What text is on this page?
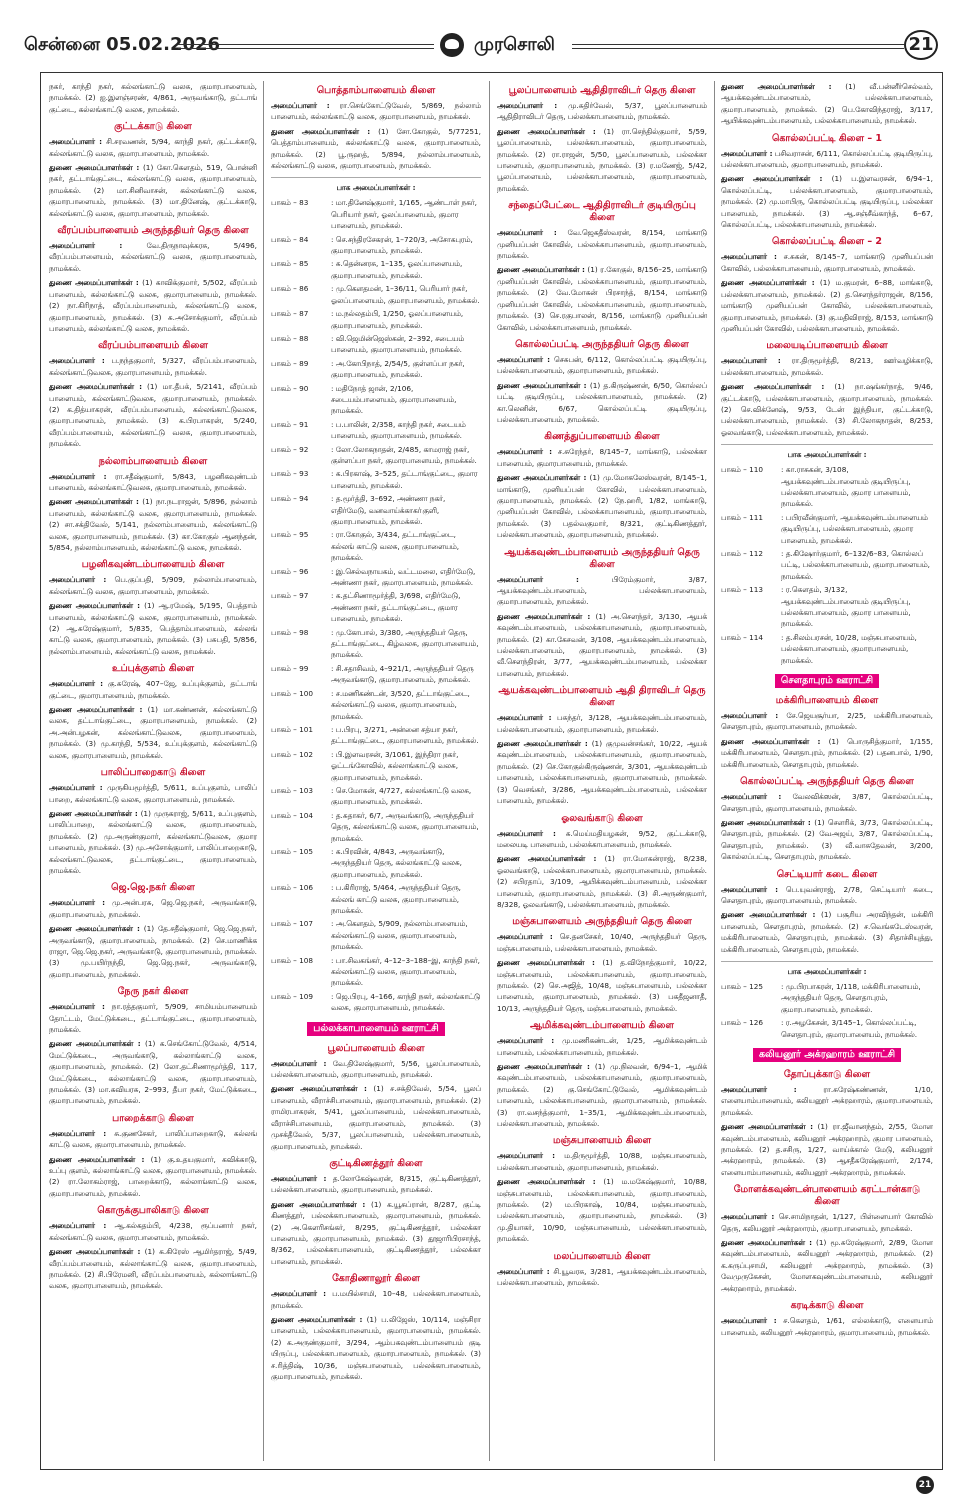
சென்னை 05.02.2026	முரசொலி	21
நகர், காந்தி நகர், கல்லங்காட்டு வலசு, குமாரபாளையம், நாமக்கல். (2) ஐ.இளஞ்சரண், 4/861, அருவங்காடு, தட்டாங் குட்டை, கல்லங்காட்டு வலசு, நாமக்கல்.
குட்டக்காடு கிளை
அமைப்பாளர் : சி.சரவணன், 5/94, காந்தி நகர், குட்டக்காடு, கல்லங்காட்டு வலசு, குமாரபாளையம், நாமக்கல்.
துணை அமைப்பாளர்கள் : (1) கோ.கௌதம், 519, பொன்னி நகர், தட்டாங்குட்டை, கல்லங்காட்டு வலசு, குமாரபாளையம், நாமக்கல். (2) மா.சினிவாசன், கல்லங்காட்டு வலசு, குமாரபாளையம், நாமக்கல். (3) மா.தினேஷ், குட்டக்காடு, கல்லங்காட்டு வலசு, குமாரபாளையம், நாமக்கல்.
வீரப்பம்பாளையம் அருந்ததியர் தெரு கிளை
அமைப்பாளர் : வே.திருநாவுக்கரசு, 5/496, வீரப்பம்பாளையம், கல்லங்காட்டு வலசு, குமாரபாளையம், நாமக்கல்.
துணை அமைப்பாளர்கள் : (1) காவிக்குமார், 5/502, வீரப்பம் பாளையம், கல்லங்காட்டு வலசு, குமாரபாளையம், நாமக்கல். (2) நா.கிரிநாத், வீரப்பம்பாளையம், கல்லங்காட்டு வலசு, குமாரபாளையம், நாமக்கல். (3) சு.அசோக்குமார், வீரப்பம் பாளையம், கல்லங்காட்டு வலசு, நாமக்கல்.
வீரப்பம்பாளையம் கிளை
அமைப்பாளர் : ப.நந்தகுமார், 5/327, வீரப்பம்பாளையம், கல்லங்காட்டுவலசு, குமாரபாளையம், நாமக்கல்.
துணை அமைப்பாளர்கள் : (1) மா.தீபக், 5/2141, வீரப்பம் பாளையம், கல்லங்காட்டுவலசு, குமாரபாளையம், நாமக்கல். (2) க.தித்யாகரன், வீரப்பம்பாளையம், கல்லங்காட்டுவலசு, குமாரபாளையம், நாமக்கல். (3) க.பிரபாகரன், 5/240, வீரப்பம்பாளையம், கல்லங்காட்டு வலசு, குமாரபாளையம், நாமக்கல்.
நல்லாம்பாளையம் கிளை
அமைப்பாளர் : ரா.சதீஷ்குமார், 5/843, பழனிகவுண்டம் பாளையம், கல்லங்காட்டுவலசு, குமாரபாளையம், நாமக்கல்.
துணை அமைப்பாளர்கள் : (1) நா.நடராஜன், 5/896, நல்லாம் பாளையம், கல்லங்காட்டு வலசு, குமாரபாளையம், நாமக்கல். (2) சா.சக்திவேல், 5/141, நல்லாம்பாளையம், கல்லங்காட்டு வலசு, குமாரபாளையம், நாமக்கல். (3) கா.கோகுல் ஆனந்தன், 5/854, நல்லாம்பாளையம், கல்லங்காட்டு வலசு, நாமக்கல்.
பழனிகவுண்டம்பாளையம் கிளை
அமைப்பாளர் : பெ.குப்பதி, 5/909, நல்லாம்பாளையம், கல்லங்காட்டு வலசு, குமாரபாளையம், நாமக்கல்.
துணை அமைப்பாளர்கள் : (1) ஆ.ரமேஷ், 5/195, பெத்தாம் பாளையம், கல்லங்காட்டு வலசு, குமாரபாளையம், நாமக்கல். (2) ஆ.சுரேஷ்குமார், 5/835, பெத்தாம்பாளையம், கல்லங் காட்டு வலசு, குமாரபாளையம், நாமக்கல். (3) பசுபதி, 5/856, நல்லாம்பாளையம், கல்லங்காட்டு வலசு, நாமக்கல்.
உப்புக்குளம் கிளை
அமைப்பாளர் : கு.சுரேஷ், 407–ஜே, உப்புக்குளம், தட்டாங் குட்டை, குமாரபாளையம், நாமக்கல்.
துணை அமைப்பாளர்கள் : (1) மா.கண்ணன், கல்லங்காட்டு வலசு, தட்டாங்குட்டை, குமாரபாளையம், நாமக்கல். (2) அ.அன்பழகன், கல்லங்காட்டுவலசு, குமாரபாளையம், நாமக்கல். (3) மு.காந்தி, 5/534, உப்புக்குளம், கல்லங்காட்டு வலசு, குமாரபாளையம், நாமக்கல்.
பாலிப்பாறைகாடு கிளை
அமைப்பாளர் : முருகியமூர்த்தி, 5/611, உப்புகுளம், பாலிப் பாறை, கல்லங்காட்டு வலசு, குமாரபாளையம், நாமக்கல்.
துணை அமைப்பாளர்கள் : (1) முருகராஜ், 5/611, உப்புகுளம், பாலிப்பாறை, கல்லங்காட்டு வலசு, குமாரபாளையம், நாமக்கல். (2) மு.அருண்குமார், கல்லங்காட்டுவலசு, குமார பாளையம், நாமக்கல். (3) மு.அசோக்குமார், பாலிப்பாறைகாடு, கல்லங்காட்டுவலசு, தட்டாங்குட்டை, குமாரபாளையம், நாமக்கல்.
ஜெ.ஜெ.நகர் கிளை
அமைப்பாளர் : மு.அன்பரசு, ஜெ.ஜெ.நகர், அருவங்காடு, குமாரபாளையம், நாமக்கல்.
துணை அமைப்பாளர்கள் : (1) தே.சதீஷ்குமார், ஜெ.ஜெ.நகர், அருவங்காடு, குமாரபாளையம், நாமக்கல். (2) செ.மாணிக்க ராஜா, ஜெ.ஜெ.நகர், அருவங்காடு, குமாரபாளையம், நாமக்கல். (3) மு.பயிர்நந்தி, ஜெ.ஜெ.நகர், அருவங்காடு, குமாரபாளையம், நாமக்கல்.
நேரு நகர் கிளை
அமைப்பாளர் : நா.ரத்தகுமார், 5/909, சாமியம்பாளையம் தோட்டம், மேட்டுக்கடை, தட்டாங்குட்டை, குமாரபாளையம், நாமக்கல்.
துணை அமைப்பாளர்கள் : (1) க.செங்கோட்டுவேல், 4/514, மேட்டுக்கடை, அருவங்காடு, கல்லாங்காட்டு வலசு, குமாரபாளையம், நாமக்கல். (2) லோ.தட்சிணாமூர்த்தி, 117, மேட்டுக்கடை, கல்லாங்காட்டு வலசு, குமாரபாளையம், நாமக்கல். (3) மா.கவியரசு, 2–993, தீபா நகர், மேட்டுக்கடை, குமாரபாளையம், நாமக்கல்.
பாறைக்காடு கிளை
அமைப்பாளர் : சு.குணசேகர், பாலிப்பாறைகாடு, கல்லங் காட்டு வலசு, குமாரபாளையம், நாமக்கல்.
துணை அமைப்பாளர்கள் : (1) கு.உதயகுமார், கவிக்காடு, உப்பு குளம், கல்லாங்காட்டு வலசு, குமாரபாளையம், நாமக்கல். (2) ரா.லோகம்ராஜ், பாறைக்காடு, கல்லாங்காட்டு வலசு, குமாரபாளையம், நாமக்கல்.
கொருக்குபாலிகாடு கிளை
அமைப்பாளர் : ஆ.கல்கதம்பி, 4/238, ரூப்பனார் நகர், கல்லங்காட்டு வலசு, குமாரபாளையம், நாமக்கல்.
துணை அமைப்பாளர்கள் : (1) க.கிரேஸ் ஆமிர்தராஜ், 5/49, வீரப்பம்பாளையம், கல்லாங்காட்டு வலசு, குமாரபாளையம், நாமக்கல். (2) சி.பிரேமனி, வீரப்பம்பாளையம், கல்லாங்காட்டு வலசு, குமாரபாளையம், நாமக்கல்.
பொத்தாம்பாளையம் கிளை
அமைப்பாளர் : ரா.செங்கோட்டுவேல், 5/869, நல்லாம் பாளையம், கல்லங்காட்டு வலசு, குமாரபாளையம், நாமக்கல்.
துணை அமைப்பாளர்கள் : (1) சோ.கோகுல், 5/77251, பெத்தாம்பாளையம், கல்லங்காட்டு வலசு, குமாரபாளையம், நாமக்கல். (2) பூ.ருஹத், 5/894, நல்லாம்பாளையம், கல்லங்காட்டு வலசு, குமாரபாளையம், நாமக்கல்.
பாக அமைப்பாளர்கள் :
பாகம் – 83	: மா.தினேஷ்குமார், 1/165, ஆண்டாள் நகர், பெரியார் நகர், ஓலப்பாளையம், குமார பாளையம், நாமக்கல்.
பாகம் – 84	: செ.சந்திரசேகரன், 1–720/3, அசோகபுரம், குமாரபாளையம், நாமக்கல்.
பாகம் – 85	: சு.தென்னரசு, 1–135, ஓலப்பாளையம், குமாரபாளையம், நாமக்கல்.
பாகம் – 86	: மு.கௌதமன், 1–36/11, பெரியார் நகர், ஓலப்பாளையம், குமாரபாளையம், நாமக்கல்.
பாகம் – 87	: ம.நல்லதம்பி, 1/250, ஓலப்பாளையம், குமாரபாளையம், நாமக்கல்.
பாகம் – 88	: வி.ஜெமின்ஜெஸ்கன், 2–392, சடையம் பாளையம், குமாரபாளையம், நாமக்கல்.
பாகம் – 89	: அ.கோபிநாத், 2/54/5, குள்ளப்பா நகர், குமாரபாளையம், நாமக்கல்.
பாகம் – 90	: மதிநோத் ஜான், 2/106, சடையம்பாளையம், குமாரபாளையம், நாமக்கல்.
பாகம் – 91	: ப.பாலின், 2/358, காந்தி நகர், சடையம் பாளையம், குமாரபாளையம், நாமக்கல்.
பாகம் – 92	: லோ.லோகநாதன், 2/485, காமராஜ் நகர், குள்ளப்பா நகர், குமாரபாளையம், நாமக்கல்.
பாகம் – 93	: க.பிரகாஷ், 3–525, தட்டாங்குட்டை, குமார பாளையம், நாமக்கல்.
பாகம் – 94	: த.மூர்த்தி, 3–692, அண்ணா நகர், எதிர்மேடு, வனவாய்க்காகா்குளி, குமாரபாளையம், நாமக்கல்.
பாகம் – 95	: ரா.கோகுல், 3/434, தட்டாங்குட்டை, கல்லங் காட்டு வலசு, குமாரபாளையம், நாமக்கல்.
பாகம் – 96	: இ.செல்வநாயகம், வட்டமலை, எதிர்மேடு, அண்ணா நகர், குமாரபாளையம், நாமக்கல்.
பாகம் – 97	: க.தட்சிணாமூர்த்தி, 3/698, எதிர்மேடு, அண்ணா நகர், தட்டாங்குட்டை, குமார பாளையம், நாமக்கல்.
பாகம் – 98	: மு.கோபால், 3/380, அருந்ததியர் தெரு, தட்டாங்குட்டை, கிழ்வலசு, குமாரபாளையம், நாமக்கல்.
பாகம் – 99	: சி.சதாசிவம், 4–921/1, அருந்ததியர் தெரு அருவங்காடு, குமாரபாளையம், நாமக்கல்.
பாகம் – 100	: ச.மணிகண்டன், 3/520, தட்டாங்குட்டை, கல்லங்காட்டு வலசு, குமாரபாளையம், நாமக்கல்.
பாகம் – 101	: ப.பிரபு, 3/271, அன்னை சத்யா நகர், தட்டாங்குட்டை, குமாரபாளையம், நாமக்கல்.
பாகம் – 102	: பி.இளவரசன், 3/1061, இந்திரா நகர், ஓட்டங்கோவில், கல்லாங்காட்டு வலசு, குமாரபாளையம், நாமக்கல்.
பாகம் – 103	: செ.மோகன், 4/727, கல்லங்காட்டு வலசு, குமாரபாளையம், நாமக்கல்.
பாகம் – 104	: த.சுதாகர், 6/7, அருவங்காடு, அருந்ததியர் தெரு, கல்லங்காட்டு வலசு, குமாரபாளையம், நாமக்கல்.
பாகம் – 105	: க.பிரவின், 4/843, அருவங்காடு, அருந்ததியர் தெரு, கல்லங்காட்டு வலசு, குமாரபாளையம், நாமக்கல்.
பாகம் – 106	: ப.கிரிராஜ், 5/464, அருந்ததியர் தெரு, கல்லங் காட்டு வலசு, குமாரபாளையம், நாமக்கல்.
பாகம் – 107	: அ.கௌதம், 5/909, நல்லாம்பாளையம், கல்லங்காட்டு வலசு, குமாரபாளையம், நாமக்கல்.
பாகம் – 108	: பா.சிவகங்கர், 4–12–3–188–இ, காந்தி நகர், கல்லங்காட்டு வலசு, குமாரபாளையம், நாமக்கல்.
பாகம் – 109	: ஜெ.பிரபு, 4–166, காந்தி நகர், கல்லங்காட்டு வலசு, குமாரபாளையம், நாமக்கல்.
பல்லக்காபாளையம் ஊராட்சி
பூலப்பாளையம் கிளை
அமைப்பாளர் : வே.திலேஷ்குமார், 5/56, பூலப்பாளையம், பல்லக்காபாளையம், குமாரபாளையம், நாமக்கல்.
துணை அமைப்பாளர்கள் : (1) ச.சக்திவேல், 5/54, பூலப் பாளையம், வீராச்சிபாளையம், குமாரபாளையம், நாமக்கல். (2) ராமிரபாகரன், 5/41, பூலப்பாளையம், பல்லக்காபாளையம், வீராச்சிபாளையம், குமாரபாளையம், நாமக்கல். (3) முசக்தீவேல், 5/37, பூலப்பாளையம், பல்லக்காபாளையம், குமாரபாளையம், நாமக்கல்.
குட்டிகிணத்தூர் கிளை
அமைப்பாளர் : த.லோகேஷ்வரன், 8/315, குட்டிகிணத்தூர், பல்லக்காபாளையம், குமாரபாளையம், நாமக்கல்.
துணை அமைப்பாளர்கள் : (1) க.யூசுப்ரான், 8/287, குட்டி கிணத்தூர், பல்லக்காபாளையம், குமாரபாளையம், நாமக்கல். (2) அ.கௌரிசங்கர், 8/295, குட்டிகிணத்தூர், பல்லக்கா பாளையம், குமாரபாளையம், நாமக்கல். (3) தூஜாரிபிரசாந்த், 8/362, பல்லக்காபாளையம், குட்டிகிணத்தூர், பல்லக்கா பாளையம், நாமக்கல்.
கோதிணாலூர் கிளை
அமைப்பாளர் : ப.மயில்சாமி, 10–48, பல்லக்காபாளையம், நாமக்கல்.
துணை அமைப்பாளர்கள் : (1) ப.லிஜேஸ், 10/114, மஞ்சிரா பாளையம், பல்லக்காபாளையம், குமாரபாளையம், நாமக்கல். (2) க.அருண்குமார், 3/294, ஆம்பகவுண்டம்பாளையம் குடி யிருப்பு, பல்லக்காபாளையம், குமாரபாளையம், நாமக்கல். (3) ச.ரித்திஷ், 10/36, மஞ்சுபாளையம், பல்லக்காபாளையம், குமாரபாளையம், நாமக்கல்.
பூலப்பாளையம் ஆதிதிராவிடர் தெரு கிளை
அமைப்பாளர் : மு.சுதிர்வேல், 5/37, பூலப்பாளையம் ஆதிதிராவிடர் தெரு, பல்லக்காபாளையம், நாமக்கல்.
துணை அமைப்பாளர்கள் : (1) ரா.செந்தில்குமார், 5/59, பூலப்பாளையம், பல்லக்காபாளையம், குமாரபாளையம், நாமக்கல். (2) ரா.ராஜன், 5/50, பூலப்பாளையம், பல்லக்கா பாளையம், குமாரபாளையம், நாமக்கல். (3) ர.மணேஜ், 5/42, பூலப்பாளையம், பல்லக்காபாளையம், குமாரபாளையம், நாமக்கல்.
சந்தைப்பேட்டை ஆதிதிராவிடர் குடியிருப்பு கிளை
அமைப்பாளர் : வே.ஜெகதீஸ்வரன், 8/154, மாங்காடு முனியப்பன் கோவில், பல்லக்காபாளையம், குமாரபாளையம், நாமக்கல்.
துணை அமைப்பாளர்கள் : (1) ர.கோகுல், 8/156–25, மாங்காடு முனியப்பன் கோவில், பல்லக்காபாளையம், குமாரபாளையம், நாமக்கல். (2) வே.மோகன் பிரசாந்த், 8/154, மாங்காடு முனியப்பன் கோவில், பல்லக்காபாளையம், குமாரபாளையம், நாமக்கல். (3) செ.ரகுபாலன், 8/156, மாங்காடு முனியப்பன் கோவில், பல்லக்காபாளையம், நாமக்கல்.
கொல்லப்பட்டி அருந்ததியர் தெரு கிளை
அமைப்பாளர் : செசுபன், 6/112, கொல்லப்பட்டி குடியிருப்பு, பல்லக்காபாளையம், குமாரபாளையம், நாமக்கல்.
துணை அமைப்பாளர்கள் : (1) த.கிருஷ்ணன், 6/50, கொல்லப் பட்டி குடியிருப்பு, பல்லக்காபாளையம், நாமக்கல். (2) கா.லெனின், 6/67, கொல்லப்பட்டி குடியிருப்பு, பல்லக்காபாளையம், நாமக்கல்.
கிணத்துப்பாளையம் கிளை
அமைப்பாளர் : ச.சுரேந்தர், 8/145–7, மாங்காடு, பல்லக்கா பாளையம், குமாரபாளையம், நாமக்கல்.
துணை அமைப்பாளர்கள் : (1) மு.மோகலேஸ்வரன், 8/145–1, மாங்காடு, முனியப்பன் கோவில், பல்லக்காபாளையம், குமாரபாளையம், நாமக்கல். (2) நே.ஹரி, 1/82, மாங்காடு, முனியப்பன் கோவில், பல்லக்காபாளையம், குமாரபாளையம், நாமக்கல். (3) பதல்வகுமார், 8/321, குட்டிகிணத்தூர், பல்லக்காபாளையம், குமாரபாளையம், நாமக்கல்.
ஆயக்கவுண்டம்பாளையம் அருந்ததியர் தெரு கிளை
அமைப்பாளர் : பிரேம்குமார், 3/87, ஆயக்கவுண்டம்பாளையம், பல்லக்காபாளையம், குமாரபாளையம், நாமக்கல்.
துணை அமைப்பாளர்கள் : (1) அ.சௌந்தர், 3/130, ஆயக் கவுண்டம்பாளையம், பல்லக்காபாளையம், குமாரபாளையம், நாமக்கல். (2) கா.கேசவன், 3/108, ஆயக்கவுண்டம்பாளையம், பல்லக்காபாளையம், குமாரபாளையம், நாமக்கல். (3) வீ.சௌந்திரன், 3/77, ஆயக்கவுண்டம்பாளையம், பல்லக்கா பாளையம், நாமக்கல்.
ஆயக்கவுண்டம்பாளையம் ஆதி திராவிடர் தெரு கிளை
அமைப்பாளர் : பசுந்தர், 3/128, ஆயக்கவுண்டம்பாளையம், பல்லக்காபாளையம், குமாரபாளையம், நாமக்கல்.
துணை அமைப்பாளர்கள் : (1) குமுவன்சங்கர், 10/22, ஆயக் கவுண்டம்பாளையம், பல்லக்காபாளையம், குமாரபாளையம், நாமக்கல். (2) செ.கோகுல்கிருஷ்ணன், 3/301, ஆயக்கவுண்டம் பாளையம், பல்லக்காபாளையம், குமாரபாளையம், நாமக்கல். (3) வெசங்கர், 3/286, ஆயக்கவுண்டம்பாளையம், பல்லக்கா பாளையம், நாமக்கல்.
ஓலவங்காடு கிளை
அமைப்பாளர் : சு.மெய்மதியழகன், 9/52, குட்டக்காடு, மலையடி பாளையம், பல்லக்காபாளையம், நாமக்கல்.
துணை அமைப்பாளர்கள் : (1) ரா.மோகன்ராஜ், 8/238, ஓலவங்காடு, பல்லக்காபாளையம், குமாரபாளையம், நாமக்கல். (2) சபிரதாப், 3/109, ஆயிக்கவுண்டம்பாளையம், பல்லக்கா பாளையம், குமாரபாளையம், நாமக்கல். (3) சி.அருண்குமார், 8/328, ஓலவங்காடு, பல்லக்காபாளையம், நாமக்கல்.
மஞ்சுபாளையம் அருந்ததியர் தெரு கிளை
அமைப்பாளர் : செ.தனசேகர், 10/40, அருந்ததியர் தெரு, மஞ்சுபாளையம், பல்லக்காபாளையம், நாமக்கல்.
துணை அமைப்பாளர்கள் : (1) த.விநோத்குமார், 10/22, மஞ்சுபாளையம், பல்லக்காபாளையம், குமாரபாளையம், நாமக்கல். (2) செ.அஜித், 10/48, மஞ்சுபாளையம், பல்லக்கா பாளையம், குமாரபாளையம், நாமக்கல். (3) பகதீஜனாதீ, 10/13, அருந்ததியர் தெரு, மஞ்சுபாளையம், நாமக்கல்.
ஆமிக்கவுண்டம்பாளையம் கிளை
அமைப்பாளர் : மு.மணிகண்டன், 1/25, ஆமிக்கவுண்டம் பாளையம், பல்லக்காபாளையம், நாமக்கல்.
துணை அமைப்பாளர்கள் : (1) மு.நிலவன், 6/94–1, ஆமிக் கவுண்டம்பாளையம், பல்லக்காபாளையம், குமாரபாளையம், நாமக்கல். (2) கு.செங்கோட்டுவேல், ஆமிக்கவுண்டம் பாளையம், பல்லக்காபாளையம், குமாரபாளையம், நாமக்கல். (3) ரா.வசந்த்குமார், 1–35/1, ஆமிக்கவுண்டம்பாளையம், பல்லக்காபாளையம், நாமக்கல்.
மஞ்சுபாளையம் கிளை
அமைப்பாளர் : ம.திருமூர்த்தி, 10/88, மஞ்சுபாளையம், பல்லக்காபாளையம், குமாரபாளையம், நாமக்கல்.
துணை அமைப்பாளர்கள் : (1) ம.மகேஷ்குமார், 10/88, மஞ்சுபாளையம், பல்லக்காபாளையம், குமாரபாளையம், நாமக்கல். (2) ம.பிரகாஷ், 10/84, மஞ்சுபாளையம், பல்லக்காபாளையம், குமாரபாளையம், நாமக்கல். (3) மு.தியாகர், 10/90, மஞ்சுபாளையம், பல்லக்காபாளையம், நாமக்கல்.
மலப்பாளையம் கிளை
அமைப்பாளர் : சி.யூவரசு, 3/281, ஆயக்கவுண்டம்பாளையம், பல்லக்காபாளையம், நாமக்கல்.
துணை அமைப்பாளர்கள் : (1) வீ.பன்னீர்செல்வம், ஆயக்கவுண்டம்பாளையம், பல்லக்காபாளையம், குமாரபாளையம், நாமக்கல். (2) பெ.கோவிந்தராஜ், 3/117, ஆயிக்கவுண்டம்பாளையம், பல்லக்காபாளையம், நாமக்கல்.
கொல்லப்பட்டி கிளை – 1
அமைப்பாளர் : பசிவராசன், 6/111, கொல்லப்பட்டி குடியிருப்பு, பல்லக்காபாளையம், குமாரபாளையம், நாமக்கல்.
துணை அமைப்பாளர்கள் : (1) ப.இளவரசன், 6/94–1, கொல்லப்பட்டி, பல்லக்காபாளையம், குமாரபாளையம், நாமக்கல். (2) மு.மாபிரு, கொல்லப்பட்டி குடியிருப்பு, பல்லக்கா பாளையம், நாமக்கல். (3) ஆ.சஞ்சீவ்காந்த், 6–67, கொல்லப்பட்டி, பல்லக்காபாளையம், நாமக்கல்.
கொல்லப்பட்டி கிளை – 2
அமைப்பாளர் : ச.சுகன், 8/145–7, மாங்காடு முனியப்பன் கோவில், பல்லக்காபாளையம், குமாரபாளையம், நாமக்கல்.
துணை அமைப்பாளர்கள் : (1) ம.குமரன், 6–88, மாங்காடு, பல்லக்காபாளையம், நாமக்கல். (2) த.சௌந்தர்ராஜன், 8/156, மாங்காடு முனியப்பன் கோவில், பல்லக்காபாளையம், குமாரபாளையம், நாமக்கல். (3) கு.மதிவிராஜ், 8/153, மாங்காடு முனியப்பன் கோவில், பல்லக்காபாளையம், நாமக்கல்.
மலையடிப்பாளையம் கிளை
அமைப்பாளர் : ரா.திருமூர்த்தி, 8/213, ஊர்வழிக்காடு, பல்லக்காபாளையம், நாமக்கல்.
துணை அமைப்பாளர்கள் : (1) நா.ஷங்கர்நாத், 9/46, குட்டக்காடு, பல்லக்காபாளையம், குமாரபாளையம், நாமக்கல். (2) செ.விக்னேஷ், 9/53, டேன் இந்தியா, குட்டக்காடு, பல்லக்காபாளையம், நாமக்கல். (3) சி.லோகநாதன், 8/253, ஓலவங்காடு, பல்லக்காபாளையம், நாமக்கல்.
பாக அமைப்பாளர்கள் :
பாகம் – 110	: கா.ராசுகன், 3/108, ஆயக்கவுண்டம்பாளையம் குடியிருப்பு, பல்லக்காபாளையம், குமார பாளையம், நாமக்கல்.
பாகம் – 111	: பபிரவீன்குமார், ஆயக்கவுண்டம்பாளையம் குடியிருப்பு, பல்லக்காபாளையம், குமார பாளையம், நாமக்கல்.
பாகம் – 112	: த.கிஷோர்குமார், 6–132/6–83, கொல்லப் பட்டி, பல்லக்காபாளையம், குமாரபாளையம், நாமக்கல்.
பாகம் – 113	: ர.கௌதம், 3/132, ஆயக்கவுண்டம்பாளையம் குடியிருப்பு, பல்லக்காபாளையம், குமார பாளையம், நாமக்கல்.
பாகம் – 114	: த.சிலம்பரசன், 10/28, மஞ்சுபாளையம், பல்லக்காபாளையம், குமாரபாளையம், நாமக்கல்.
சௌதாபுரம் ஊராட்சி
மக்கிரிபாளையம் கிளை
அமைப்பாளர் : சே.ஜெயசூர்யா, 2/25, மக்கிரிபாளையம், சௌதாபுரம், குமாரபாளையம், நாமக்கல்.
துணை அமைப்பாளர்கள் : (1) பொருசித்குமார், 1/155, மக்கிரிபாளையம், சௌதாபுரம், நாமக்கல். (2) பதனபால், 1/90, மக்கிரிபாளையம், சௌதாபுரம், நாமக்கல்.
கொல்லப்பட்டி அருந்ததியர் தெரு கிளை
அமைப்பாளர் : வேலவிக்ஸன், 3/87, கொல்லப்பட்டி, சௌதாபுரம், குமாரபாளையம், நாமக்கல்.
துணை அமைப்பாளர்கள் : (1) சௌரிக், 3/73, கொல்லப்பட்டி, சௌதாபுரம், நாமக்கல். (2) வேஅஜய், 3/87, கொல்லப்பட்டி, சௌதாபுரம், நாமக்கல். (3) வீ.வாசுதேவன், 3/200, கொல்லப்பட்டி, சௌதாபுரம், நாமக்கல்.
செட்டியார் கடை கிளை
அமைப்பாளர் : பெ.யுவன்ராஜ், 2/78, செட்டியார் கடை, சௌதாபுரம், குமாரபாளையம், நாமக்கல்.
துணை அமைப்பாளர்கள் : (1) பசூரிய அரவிந்தன், மக்கிரி பாளையம், சௌதாபுரம், நாமக்கல். (2) ச.வெங்கடேஸ்வரன், மக்கிரிபாளையம், சௌதாபுரம், நாமக்கல். (3) சிதாச்சியுத்து, மக்கிரிபாளையம், சௌதாபுரம், நாமக்கல்.
பாக அமைப்பாளர்கள் :
பாகம் – 125	: மு.பிரபாகரன், 1/118, மக்கிரிபாளையம், அருந்ததியர் தெரு, சௌதாபுரம், குமாரபாளையம், நாமக்கல்.
பாகம் – 126	: ர.அழகேசன், 3/145–1, கொல்லப்பட்டி, சௌதாபுரம், குமாரபாளையம், நாமக்கல்.
கலியனூர் அக்ரஹாரம் ஊராட்சி
தோப்புக்காடு கிளை
அமைப்பாளர் : ரா.சுரேஷ்கண்ணன், 1/10, எளையாம்பாளையம், கலியனூர் அக்ரஹாரம், குமாரபாளையம், நாமக்கல்.
துணை அமைப்பாளர்கள் : (1) ரா.ஜீவானந்தம், 2/55, மோள கவுண்டம்பாளையம், கலியனூர் அக்ரஹாரம், குமார பாளையம், நாமக்கல். (2) த.சசிரு, 1/27, வாய்க்கால் மேடு, கலியனூர் அக்ரஹாரம், நாமக்கல். (3) ஆசதீசுரேஷ்குமார், 2/174, எளையாம்பாளையம், கலியனூர் அக்ரஹாரம், நாமக்கல்.
மோளக்கவுண்டன்பாளையம் கரட்டான்காடு கிளை
அமைப்பாளர் : செ.சாமிநாதன், 1/127, பிள்ளையார் கோவில் தெரு, கலியனூர் அக்ரஹாரம், குமாரபாளையம், நாமக்கல்.
துணை அமைப்பாளர்கள் : (1) மூ.சுரேஷ்குமார், 2/89, மோள கவுண்டம்பாளையம், கலியனூர் அக்ரஹாரம், நாமக்கல். (2) க.கருப்புசாமி, கலியனூர் அக்ரஹாரம், நாமக்கல். (3) வேமுருகேசன், மோளகவுண்டம்பாளையம், கலியனூர் அக்ரஹாரம், நாமக்கல்.
கரடிக்காடு கிளை
அமைப்பாளர் : ச.கௌதம், 1/61, எல்லக்காடு, எளையாம் பாளையம், கலியனூர் அக்ரஹாரம், குமாரபாளையம், நாமக்கல்.
21
